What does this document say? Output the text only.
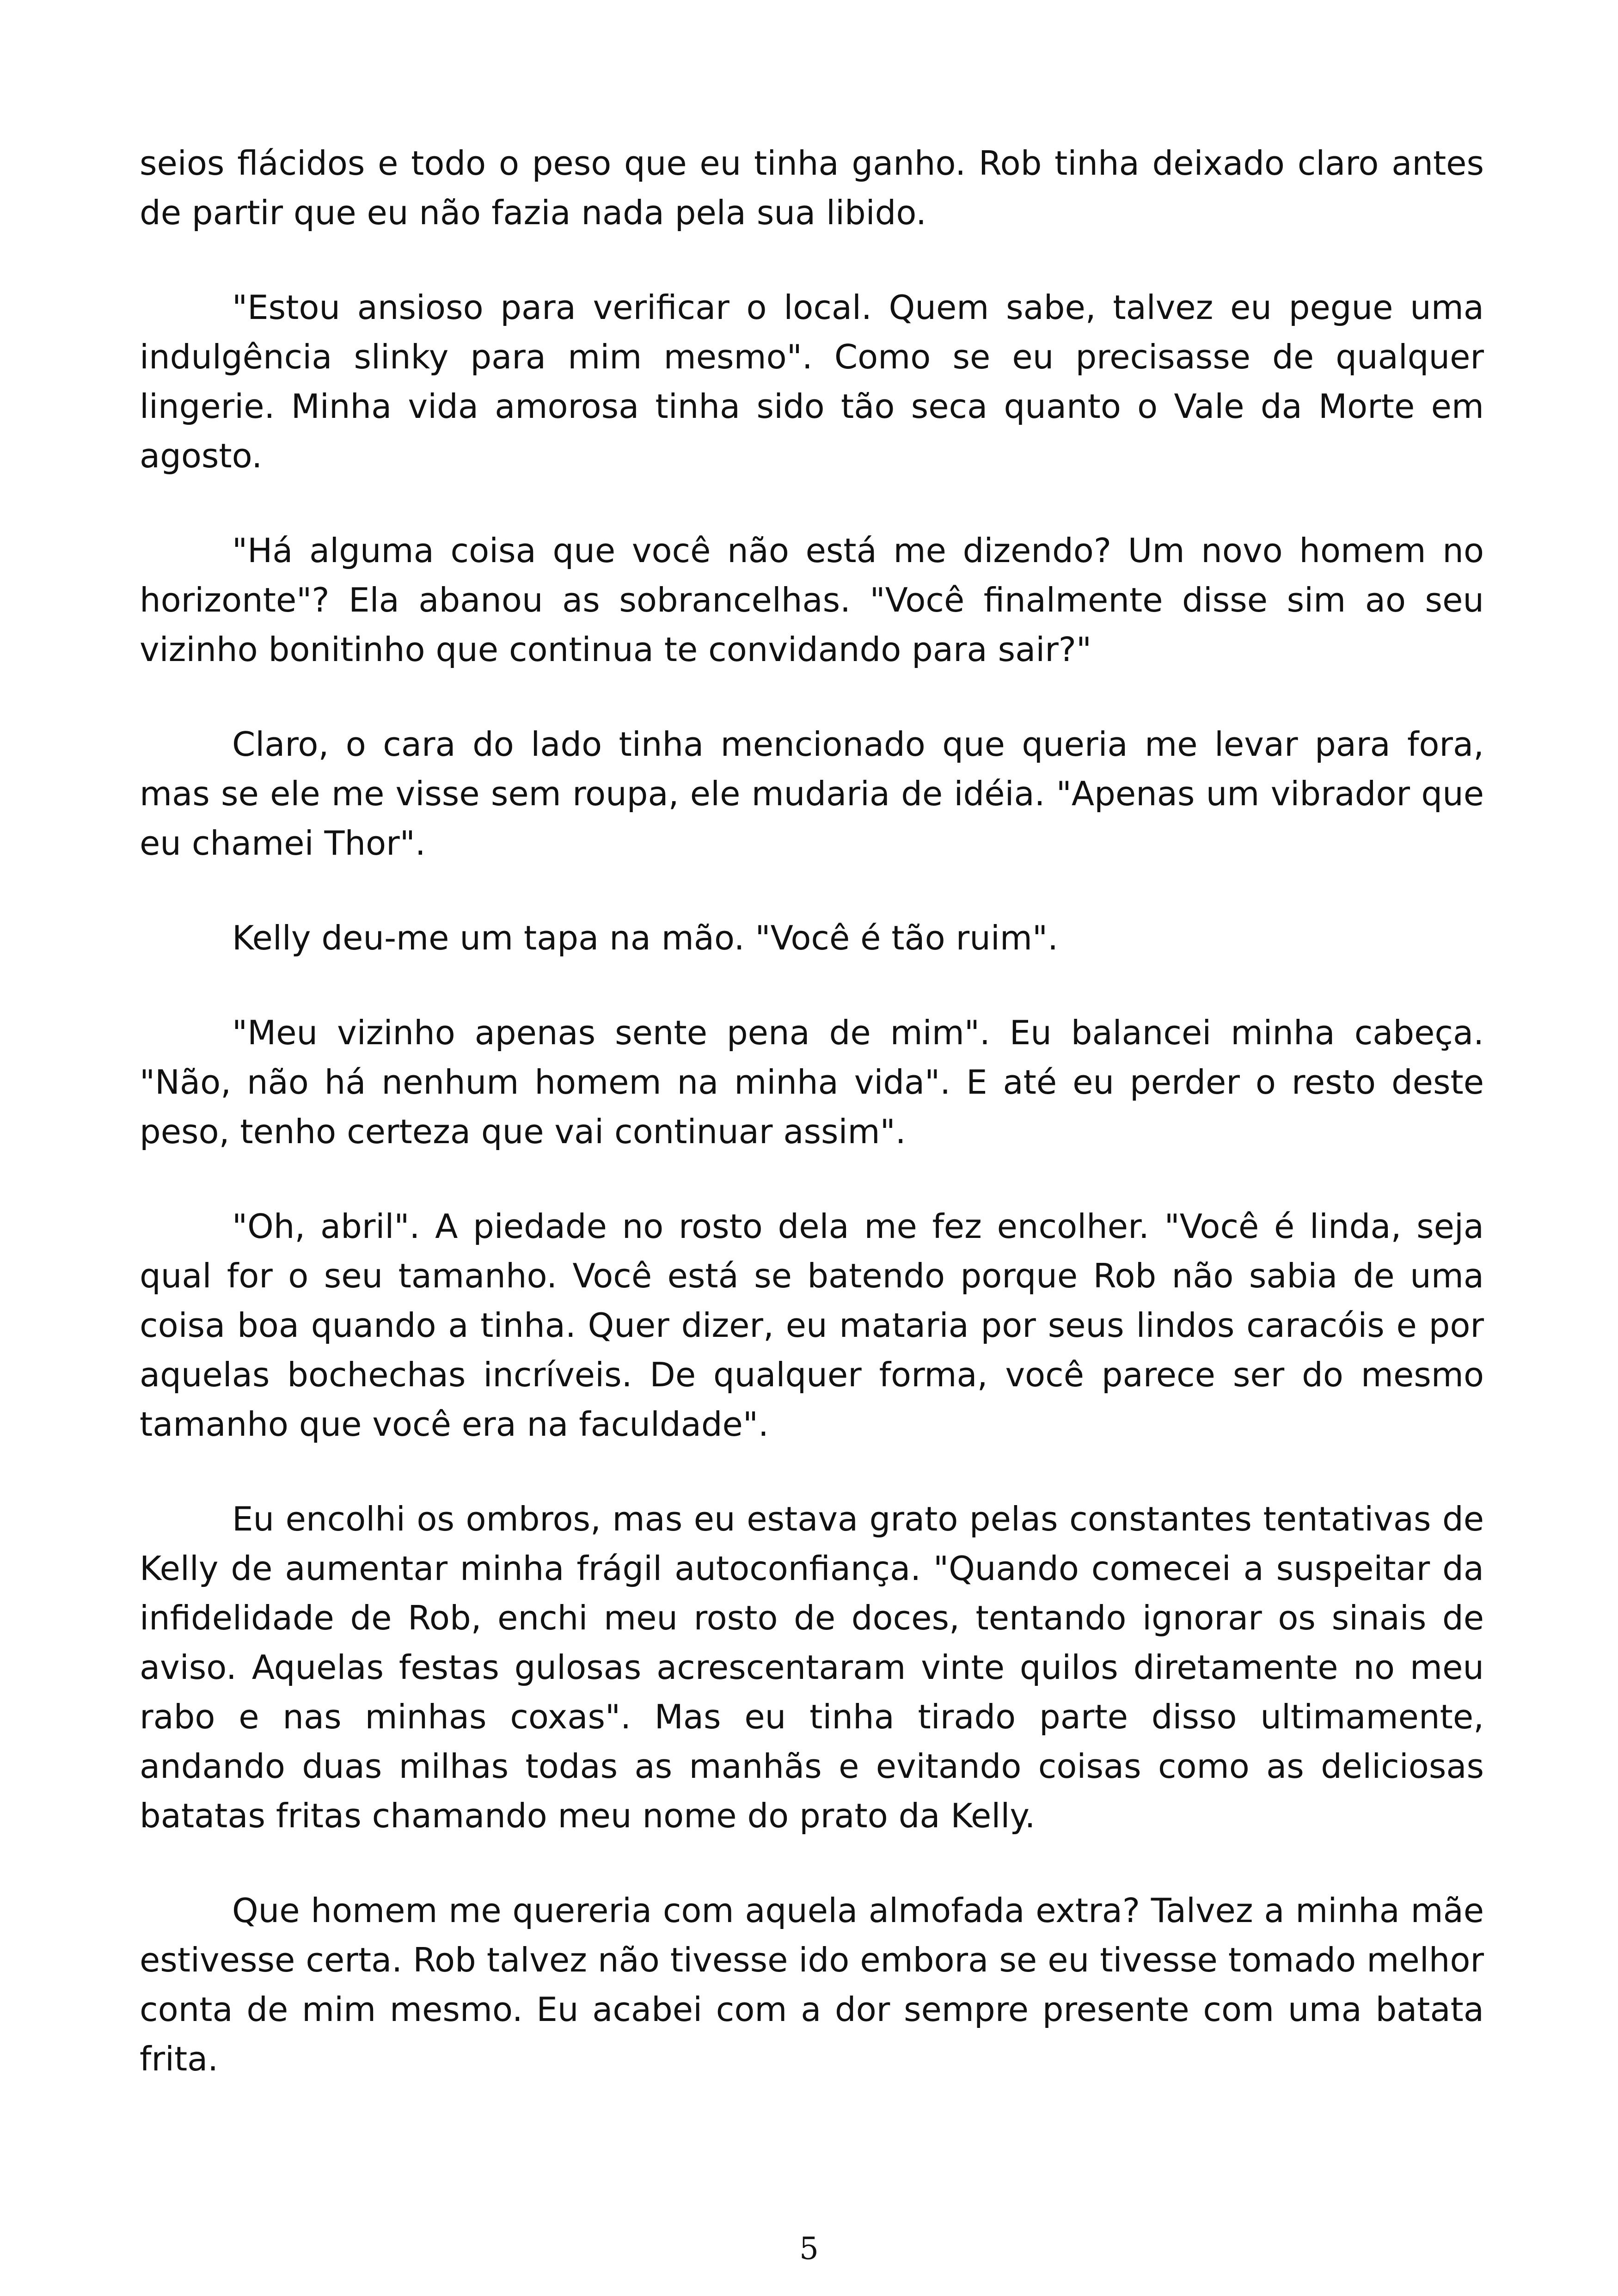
seios flácidos e todo o peso que eu tinha ganho. Rob tinha deixado claro antes de partir que eu não fazia nada pela sua libido.

"Estou ansioso para verificar o local. Quem sabe, talvez eu pegue uma indulgência slinky para mim mesmo". Como se eu precisasse de qualquer lingerie. Minha vida amorosa tinha sido tão seca quanto o Vale da Morte em agosto.

"Há alguma coisa que você não está me dizendo? Um novo homem no horizonte"? Ela abanou as sobrancelhas. "Você finalmente disse sim ao seu vizinho bonitinho que continua te convidando para sair?"

Claro, o cara do lado tinha mencionado que queria me levar para fora, mas se ele me visse sem roupa, ele mudaria de idéia. "Apenas um vibrador que eu chamei Thor".

Kelly deu-me um tapa na mão. "Você é tão ruim".

"Meu vizinho apenas sente pena de mim". Eu balancei minha cabeça. "Não, não há nenhum homem na minha vida". E até eu perder o resto deste peso, tenho certeza que vai continuar assim".

"Oh, abril". A piedade no rosto dela me fez encolher. "Você é linda, seja qual for o seu tamanho. Você está se batendo porque Rob não sabia de uma coisa boa quando a tinha. Quer dizer, eu mataria por seus lindos caracóis e por aquelas bochechas incríveis. De qualquer forma, você parece ser do mesmo tamanho que você era na faculdade".

Eu encolhi os ombros, mas eu estava grato pelas constantes tentativas de Kelly de aumentar minha frágil autoconfiança. "Quando comecei a suspeitar da infidelidade de Rob, enchi meu rosto de doces, tentando ignorar os sinais de aviso. Aquelas festas gulosas acrescentaram vinte quilos diretamente no meu rabo e nas minhas coxas". Mas eu tinha tirado parte disso ultimamente, andando duas milhas todas as manhãs e evitando coisas como as deliciosas batatas fritas chamando meu nome do prato da Kelly.

Que homem me quereria com aquela almofada extra? Talvez a minha mãe estivesse certa. Rob talvez não tivesse ido embora se eu tivesse tomado melhor conta de mim mesmo. Eu acabei com a dor sempre presente com uma batata frita.

5
